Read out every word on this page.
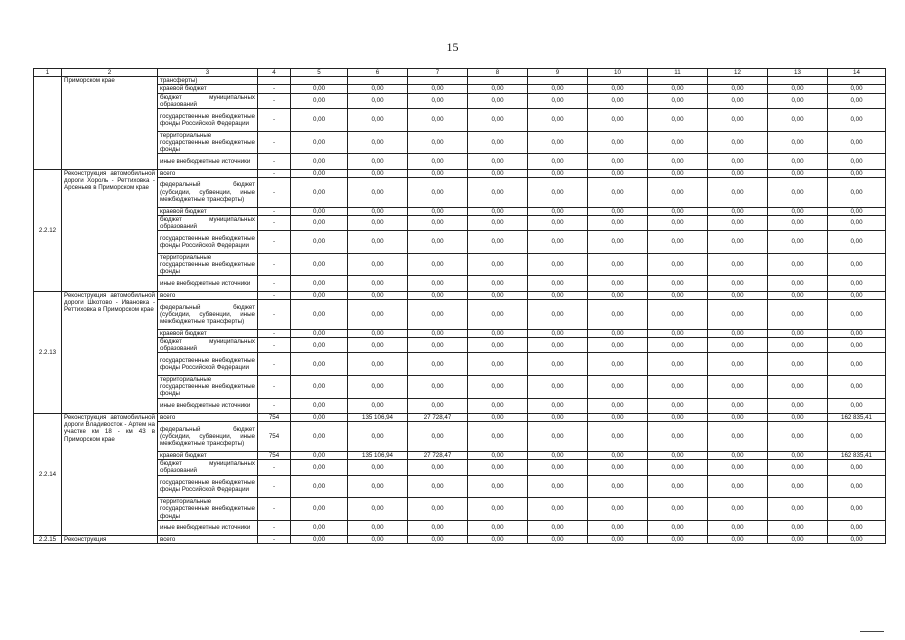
15
1	2	3	4	5	6	7	8	9	10	11	12	13	14
	Приморском крае	трансферты)											
		краевой бюджет	-	0,00	0,00	0,00	0,00	0,00	0,00	0,00	0,00	0,00	0,00
		бюджет муниципальных образований	-	0,00	0,00	0,00	0,00	0,00	0,00	0,00	0,00	0,00	0,00
		государственные внебюджетные фонды Российской Федерации	-	0,00	0,00	0,00	0,00	0,00	0,00	0,00	0,00	0,00	0,00
		территориальные государственные внебюджетные фонды	-	0,00	0,00	0,00	0,00	0,00	0,00	0,00	0,00	0,00	0,00
		иные внебюджетные источники	-	0,00	0,00	0,00	0,00	0,00	0,00	0,00	0,00	0,00	0,00
2.2.12	Реконструкция автомобильной дороги Хороль - Реттиховка - Арсеньев в Приморском крае	всего	-	0,00	0,00	0,00	0,00	0,00	0,00	0,00	0,00	0,00	0,00
		федеральный бюджет (субсидии, субвенции, иные межбюджетные трансферты)	-	0,00	0,00	0,00	0,00	0,00	0,00	0,00	0,00	0,00	0,00
		краевой бюджет	-	0,00	0,00	0,00	0,00	0,00	0,00	0,00	0,00	0,00	0,00
		бюджет муниципальных образований	-	0,00	0,00	0,00	0,00	0,00	0,00	0,00	0,00	0,00	0,00
		государственные внебюджетные фонды Российской Федерации	-	0,00	0,00	0,00	0,00	0,00	0,00	0,00	0,00	0,00	0,00
		территориальные государственные внебюджетные фонды	-	0,00	0,00	0,00	0,00	0,00	0,00	0,00	0,00	0,00	0,00
		иные внебюджетные источники	-	0,00	0,00	0,00	0,00	0,00	0,00	0,00	0,00	0,00	0,00
2.2.13	Реконструкция автомобильной дороги Шкотово - Ивановка - Реттиховка в Приморском крае	всего	-	0,00	0,00	0,00	0,00	0,00	0,00	0,00	0,00	0,00	0,00
		федеральный бюджет (субсидии, субвенции, иные межбюджетные трансферты)	-	0,00	0,00	0,00	0,00	0,00	0,00	0,00	0,00	0,00	0,00
		краевой бюджет	-	0,00	0,00	0,00	0,00	0,00	0,00	0,00	0,00	0,00	0,00
		бюджет муниципальных образований	-	0,00	0,00	0,00	0,00	0,00	0,00	0,00	0,00	0,00	0,00
		государственные внебюджетные фонды Российской Федерации	-	0,00	0,00	0,00	0,00	0,00	0,00	0,00	0,00	0,00	0,00
		территориальные государственные внебюджетные фонды	-	0,00	0,00	0,00	0,00	0,00	0,00	0,00	0,00	0,00	0,00
		иные внебюджетные источники	-	0,00	0,00	0,00	0,00	0,00	0,00	0,00	0,00	0,00	0,00
2.2.14	Реконструкция автомобильной дороги Владивосток - Артем на участке км 18 - км 43 в Приморском крае	всего	754	0,00	135 106,94	27 728,47	0,00	0,00	0,00	0,00	0,00	0,00	162 835,41
		федеральный бюджет (субсидии, субвенции, иные межбюджетные трансферты)	754	0,00	0,00	0,00	0,00	0,00	0,00	0,00	0,00	0,00	0,00
		краевой бюджет	754	0,00	135 106,94	27 728,47	0,00	0,00	0,00	0,00	0,00	0,00	162 835,41
		бюджет муниципальных образований	-	0,00	0,00	0,00	0,00	0,00	0,00	0,00	0,00	0,00	0,00
		государственные внебюджетные фонды Российской Федерации	-	0,00	0,00	0,00	0,00	0,00	0,00	0,00	0,00	0,00	0,00
		территориальные государственные внебюджетные фонды	-	0,00	0,00	0,00	0,00	0,00	0,00	0,00	0,00	0,00	0,00
		иные внебюджетные источники	-	0,00	0,00	0,00	0,00	0,00	0,00	0,00	0,00	0,00	0,00
2.2.15	Реконструкция	всего	-	0,00	0,00	0,00	0,00	0,00	0,00	0,00	0,00	0,00	0,00
